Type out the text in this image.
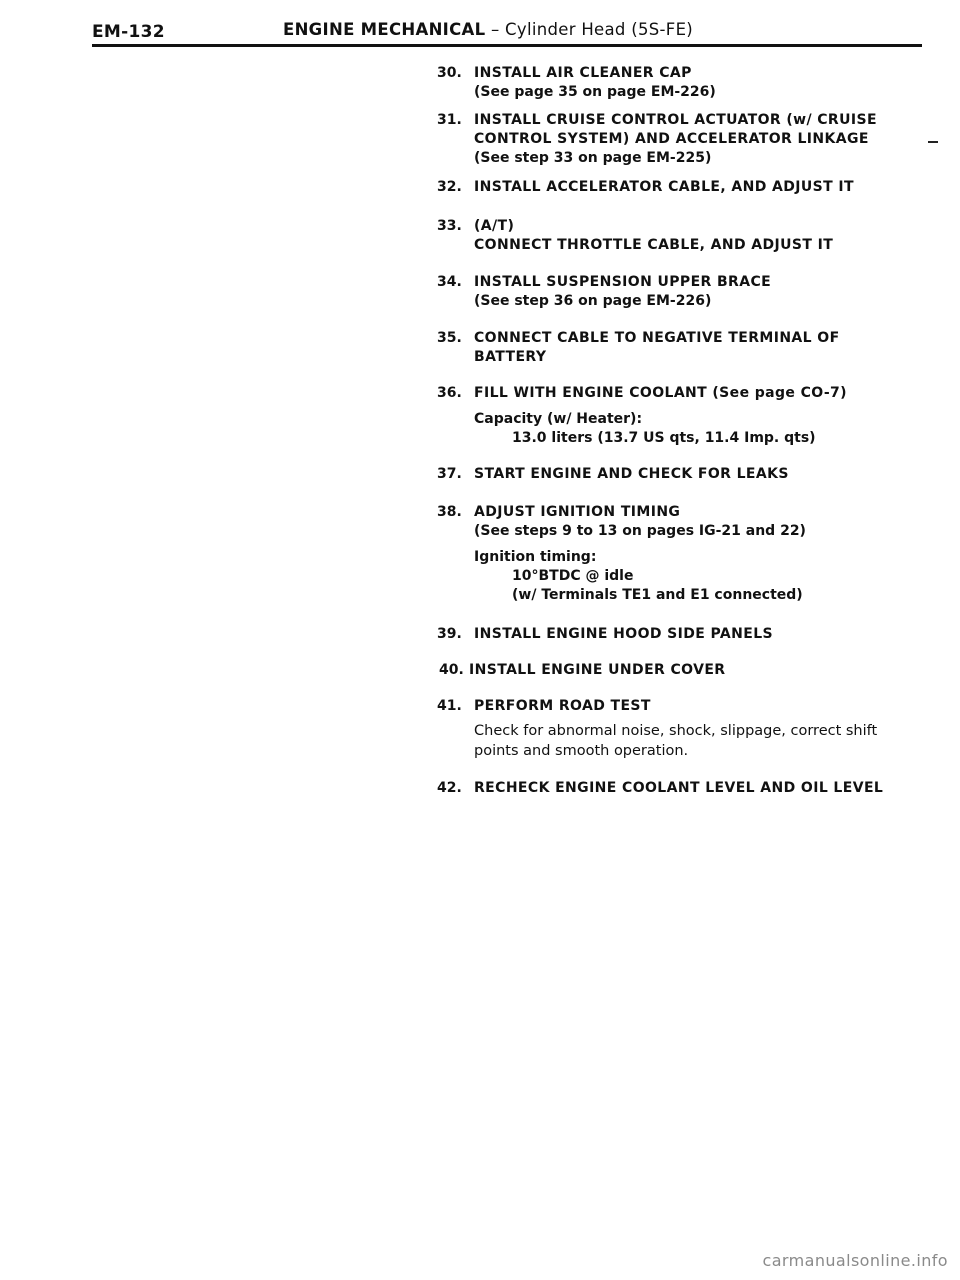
EM-132	ENGINE MECHANICAL – Cylinder Head (5S-FE)
30. INSTALL AIR CLEANER CAP
(See page 35 on page EM-226)
31. INSTALL CRUISE CONTROL ACTUATOR (w/ CRUISE
CONTROL SYSTEM) AND ACCELERATOR LINKAGE
(See step 33 on page EM-225)
32. INSTALL ACCELERATOR CABLE, AND ADJUST IT
33. (A/T)
CONNECT THROTTLE CABLE, AND ADJUST IT
34. INSTALL SUSPENSION UPPER BRACE
(See step 36 on page EM-226)
35. CONNECT CABLE TO NEGATIVE TERMINAL OF
BATTERY
36. FILL WITH ENGINE COOLANT (See page CO-7)
Capacity (w/ Heater):
13.0 liters (13.7 US qts, 11.4 Imp. qts)
37. START ENGINE AND CHECK FOR LEAKS
38. ADJUST IGNITION TIMING
(See steps 9 to 13 on pages IG-21 and 22)
Ignition timing:
10°BTDC @ idle
(w/ Terminals TE1 and E1 connected)
39. INSTALL ENGINE HOOD SIDE PANELS
40. INSTALL ENGINE UNDER COVER
41. PERFORM ROAD TEST
Check for abnormal noise, shock, slippage, correct shift
points and smooth operation.
42. RECHECK ENGINE COOLANT LEVEL AND OIL LEVEL
carmanualsonline.info
